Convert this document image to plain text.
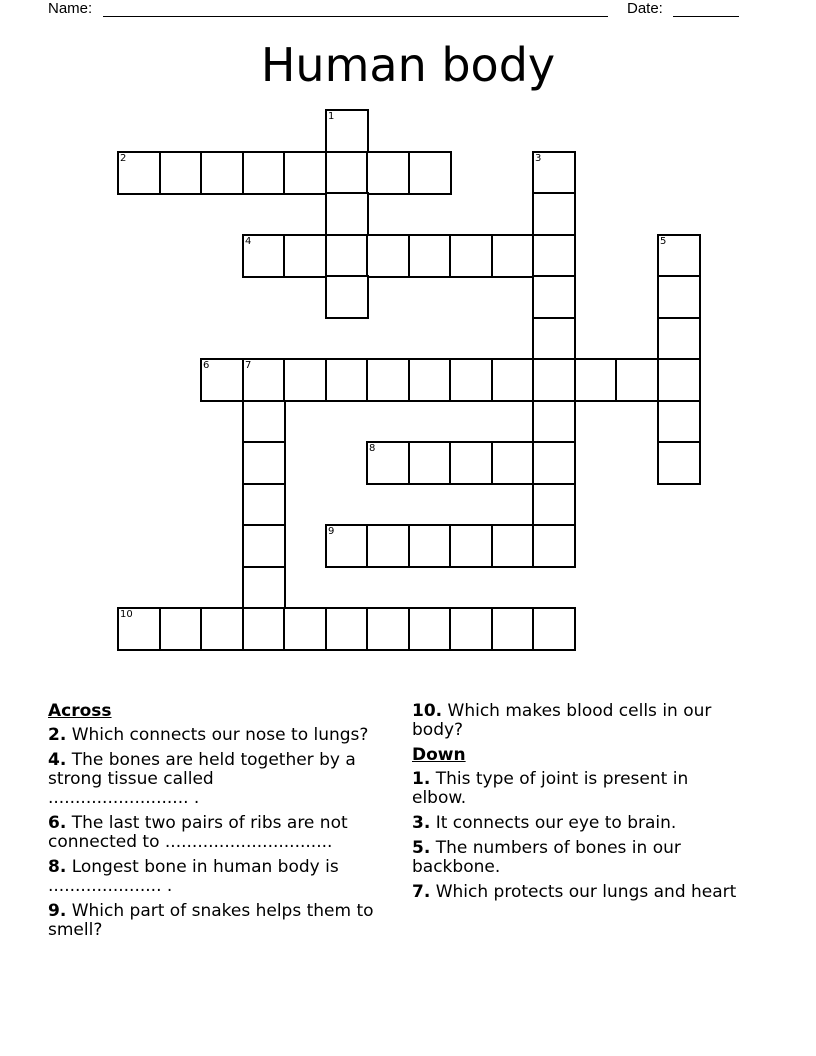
Name:	Date:
Human body
1
2	3
4	5
6	7
8
9
10
Across
2. Which connects our nose to lungs?
4. The bones are held together by a strong tissue called
.......................... .
6. The last two pairs of ribs are not connected to ...............................
8. Longest bone in human body is
..................... .
9. Which part of snakes helps them to smell?
10. Which makes blood cells in our body?
Down
1. This type of joint is present in elbow.
3. It connects our eye to brain.
5. The numbers of bones in our backbone.
7. Which protects our lungs and heart
